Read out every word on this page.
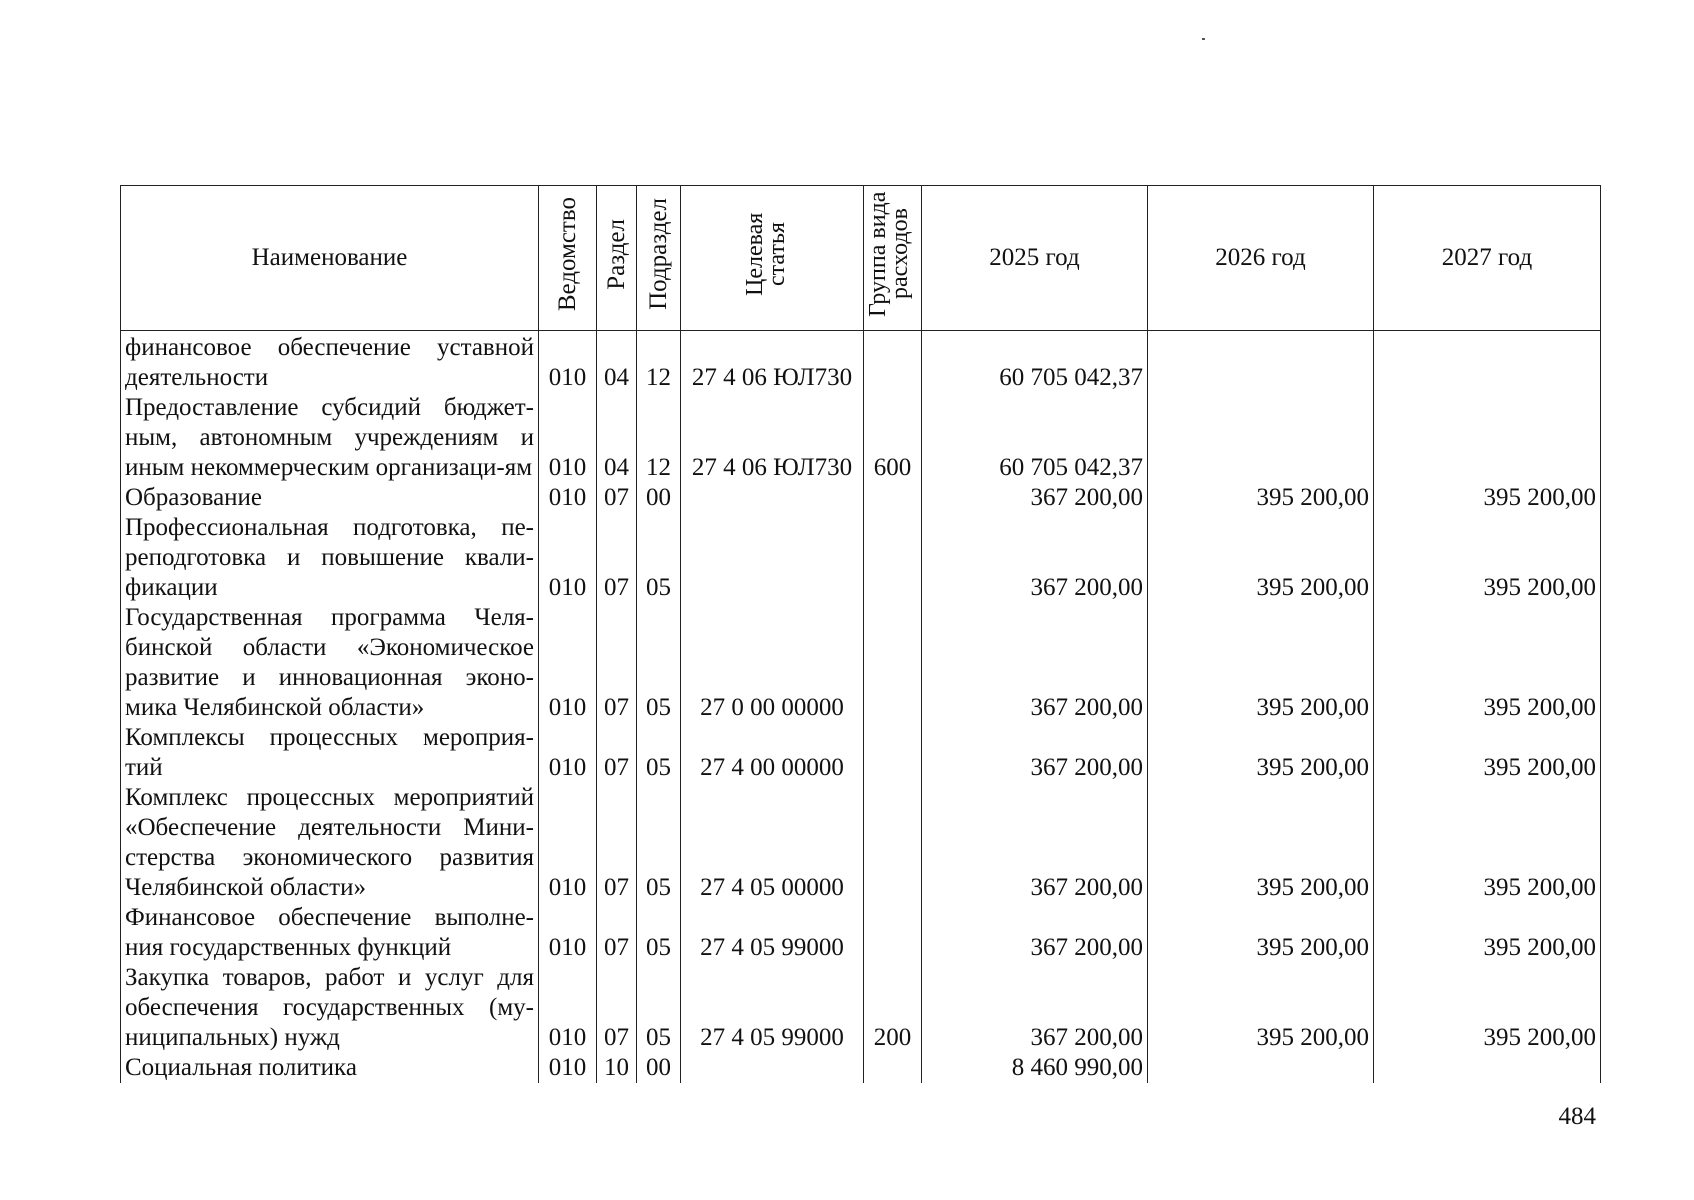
Наименование	Ведомство	Раздел	Подраздел	Целевая статья	Группа вида расходов	2025 год	2026 год	2027 год
финансовое обеспечение уставной деятельности	010	04	12	27 4 06 ЮЛ730		60 705 042,37		
Предоставление субсидий бюджет-ным, автономным учреждениям и иным некоммерческим организаци-ям	010	04	12	27 4 06 ЮЛ730	600	60 705 042,37		
Образование	010	07	00			367 200,00	395 200,00	395 200,00
Профессиональная подготовка, пе-реподготовка и повышение квали-фикации	010	07	05			367 200,00	395 200,00	395 200,00
Государственная программа Челя-бинской области «Экономическое развитие и инновационная эконо-мика Челябинской области»	010	07	05	27 0 00 00000		367 200,00	395 200,00	395 200,00
Комплексы процессных мероприя-тий	010	07	05	27 4 00 00000		367 200,00	395 200,00	395 200,00
Комплекс процессных мероприятий «Обеспечение деятельности Мини-стерства экономического развития Челябинской области»	010	07	05	27 4 05 00000		367 200,00	395 200,00	395 200,00
Финансовое обеспечение выполне-ния государственных функций	010	07	05	27 4 05 99000		367 200,00	395 200,00	395 200,00
Закупка товаров, работ и услуг для обеспечения государственных (му-ниципальных) нужд	010	07	05	27 4 05 99000	200	367 200,00	395 200,00	395 200,00
Социальная политика	010	10	00			8 460 990,00		
484
